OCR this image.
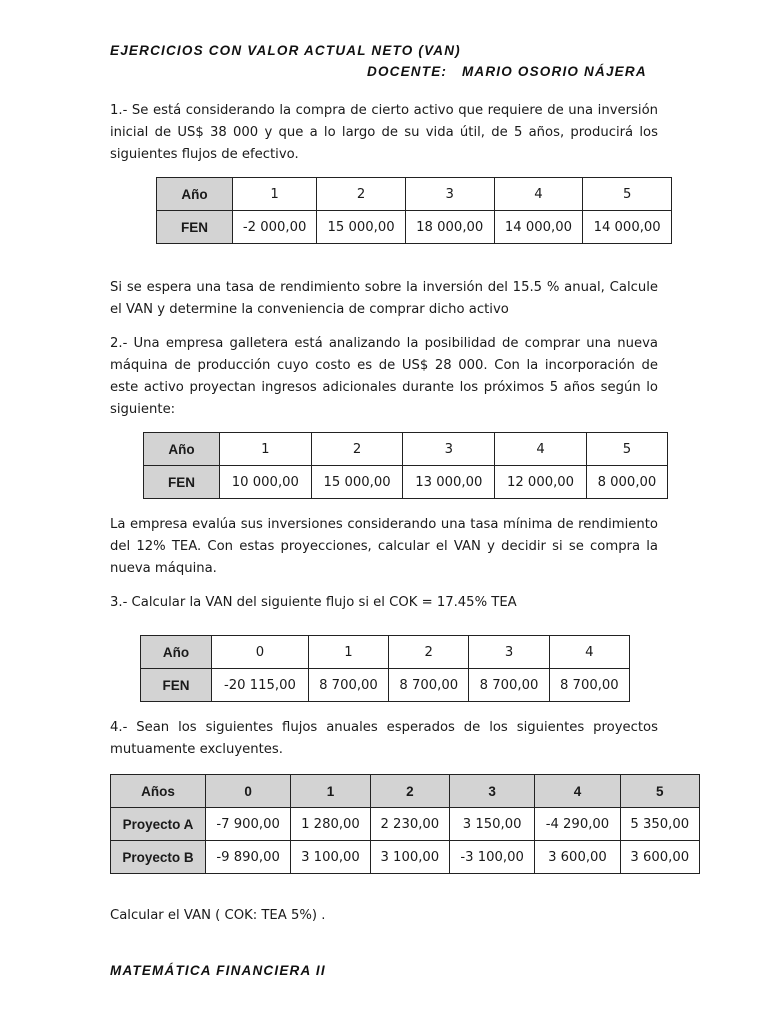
EJERCICIOS CON VALOR ACTUAL NETO (VAN)
DOCENTE:   MARIO OSORIO NÁJERA

1.- Se está considerando la compra de cierto activo que requiere de una inversión inicial de US$ 38 000 y que a lo largo de su vida útil, de 5 años, producirá los siguientes flujos de efectivo.

Año	1	2	3	4	5
FEN	-2 000,00	15 000,00	18 000,00	14 000,00	14 000,00

Si se espera una tasa de rendimiento sobre la inversión del 15.5 % anual, Calcule el VAN y determine la conveniencia de comprar dicho activo

2.- Una empresa galletera está analizando la posibilidad de comprar una nueva máquina de producción cuyo costo es de US$ 28 000. Con la incorporación de este activo proyectan ingresos adicionales durante los próximos 5 años según lo siguiente:

Año	1	2	3	4	5
FEN	10 000,00	15 000,00	13 000,00	12 000,00	8 000,00

La empresa evalúa sus inversiones considerando una tasa mínima de rendimiento del 12% TEA. Con estas proyecciones, calcular el VAN y decidir si se compra la nueva máquina.

3.- Calcular la VAN del siguiente flujo si el COK = 17.45% TEA

Año	0	1	2	3	4
FEN	-20 115,00	8 700,00	8 700,00	8 700,00	8 700,00

4.- Sean los siguientes flujos anuales esperados de los siguientes proyectos mutuamente excluyentes.

Años	0	1	2	3	4	5
Proyecto A	-7 900,00	1 280,00	2 230,00	3 150,00	-4 290,00	5 350,00
Proyecto B	-9 890,00	3 100,00	3 100,00	-3 100,00	3 600,00	3 600,00

Calcular el VAN ( COK: TEA 5%) .

MATEMÁTICA FINANCIERA II
